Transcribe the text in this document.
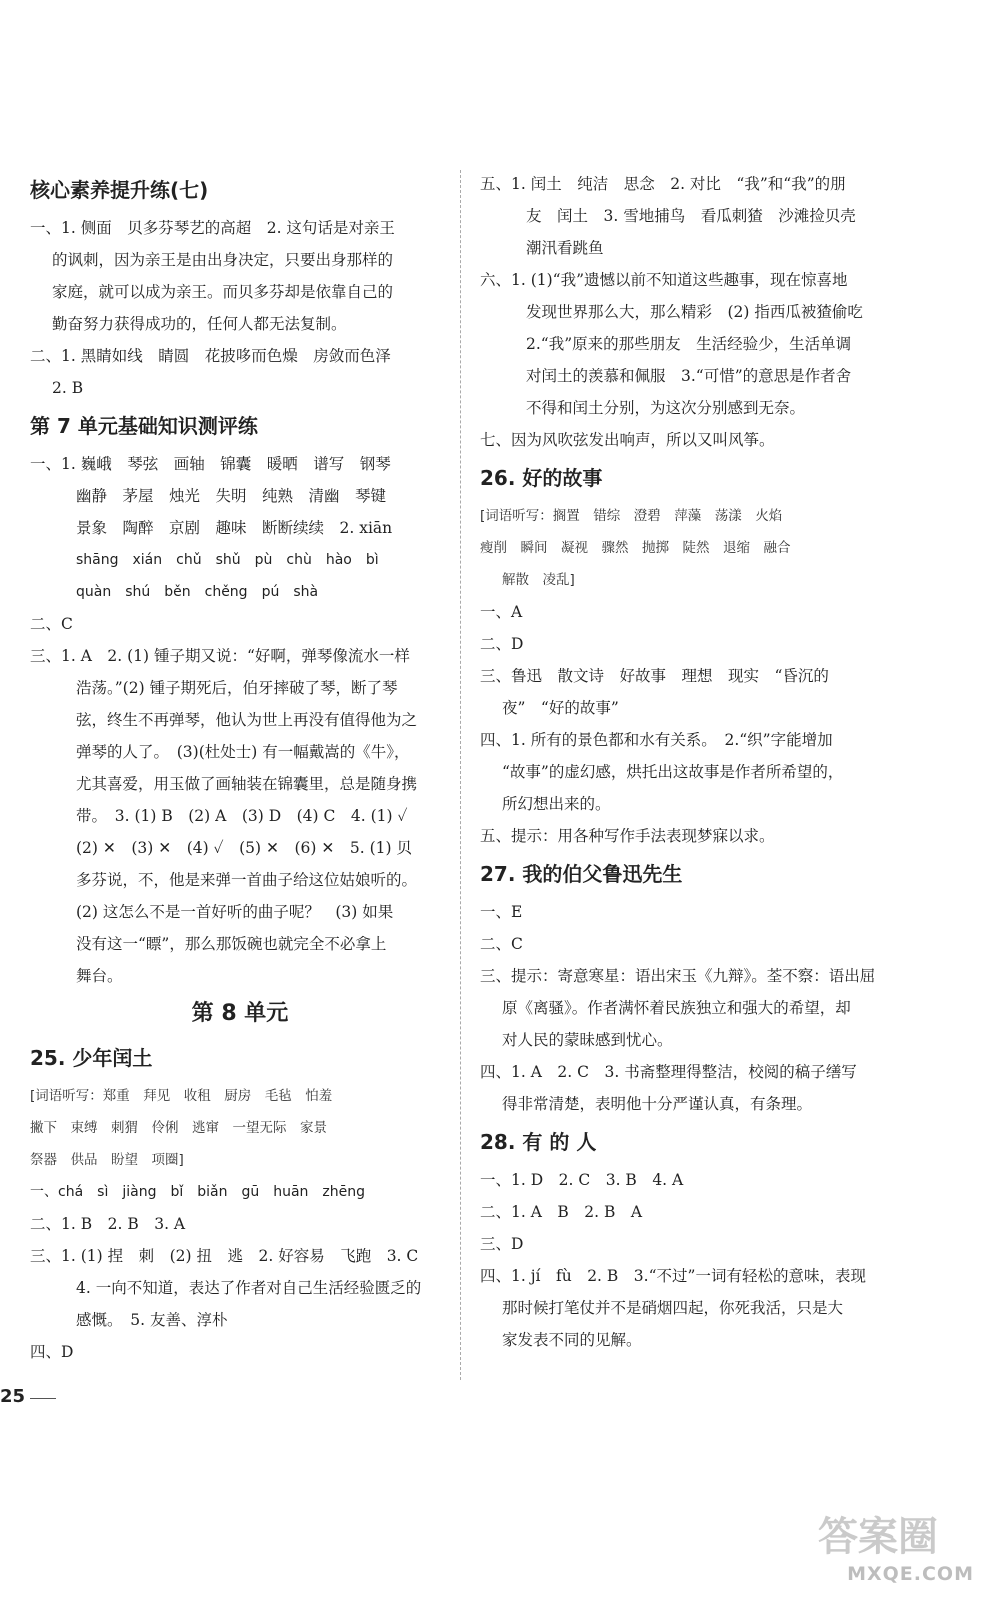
核心素养提升练(七)
一、1. 侧面　贝多芬琴艺的高超　2. 这句话是对亲王
的讽刺，因为亲王是由出身决定，只要出身那样的
家庭，就可以成为亲王。而贝多芬却是依靠自己的
勤奋努力获得成功的，任何人都无法复制。
二、1. 黑睛如线　睛圆　花披哆而色燥　房敛而色泽
2. B
第 7 单元基础知识测评练
一、1. 巍峨　琴弦　画轴　锦囊　暖晒　谱写　钢琴
幽静　茅屋　烛光　失明　纯熟　清幽　琴键
景象　陶醉　京剧　趣味　断断续续　2. xiān
shāng　xián　chǔ　shǔ　pù　chù　hào　bì
quàn　shú　běn　chěng　pú　shà
二、C
三、1. A　2. (1) 锺子期又说：“好啊，弹琴像流水一样
浩荡。”(2) 锺子期死后，伯牙摔破了琴，断了琴
弦，终生不再弹琴，他认为世上再没有值得他为之
弹琴的人了。　(3)(杜处士) 有一幅戴嵩的《牛》，
尤其喜爱，用玉做了画轴装在锦囊里，总是随身携
带。　3. (1) B　(2) A　(3) D　(4) C　4. (1) ✓
(2) ✕　(3) ✕　(4) ✓　(5) ✕　(6) ✕　5. (1) 贝
多芬说，不，他是来弹一首曲子给这位姑娘听的。
(2) 这怎么不是一首好听的曲子呢？　(3) 如果
没有这一“瞟”，那么那饭碗也就完全不必拿上
舞台。
第 8 单元
25. 少年闰土
[词语听写：郑重　拜见　收租　厨房　毛毡　怕羞
撇下　束缚　刺猬　伶俐　逃窜　一望无际　家景
祭器　供品　盼望　项圈]
一、chá　sì　jiàng　bǐ　biǎn　gū　huān　zhēng
二、1. B　2. B　3. A
三、1. (1) 捏　刺　(2) 扭　逃　2. 好容易　飞跑　3. C
4. 一向不知道，表达了作者对自己生活经验匮乏的
感慨。　5. 友善、淳朴
四、D
五、1. 闰土　纯洁　思念　2. 对比　“我”和“我”的朋
友　闰土　3. 雪地捕鸟　看瓜刺猹　沙滩捡贝壳
潮汛看跳鱼
六、1. (1)“我”遗憾以前不知道这些趣事，现在惊喜地
发现世界那么大，那么精彩　(2) 指西瓜被猹偷吃
2.“我”原来的那些朋友　生活经验少，生活单调
对闰土的羡慕和佩服　3.“可惜”的意思是作者舍
不得和闰土分别，为这次分别感到无奈。
七、因为风吹弦发出响声，所以又叫风筝。
26. 好的故事
[词语听写：搁置　错综　澄碧　萍藻　荡漾　火焰
瘦削　瞬间　凝视　骤然　抛掷　陡然　退缩　融合
解散　凌乱]
一、A
二、D
三、鲁迅　散文诗　好故事　理想　现实　“昏沉的
夜”　“好的故事”
四、1. 所有的景色都和水有关系。　2.“织”字能增加
“故事”的虚幻感，烘托出这故事是作者所希望的，
所幻想出来的。
五、提示：用各种写作手法表现梦寐以求。
27. 我的伯父鲁迅先生
一、E
二、C
三、提示：寄意寒星：语出宋玉《九辩》。荃不察：语出屈
原《离骚》。作者满怀着民族独立和强大的希望，却
对人民的蒙昧感到忧心。
四、1. A　2. C　3. 书斋整理得整洁，校阅的稿子缮写
得非常清楚，表明他十分严谨认真，有条理。
28. 有 的 人
一、1. D　2. C　3. B　4. A
二、1. A　B　2. B　A
三、D
四、1. jí　fù　2. B　3.“不过”一词有轻松的意味，表现
那时候打笔仗并不是硝烟四起，你死我活，只是大
家发表不同的见解。
25
答案圈
MXQE.COM
